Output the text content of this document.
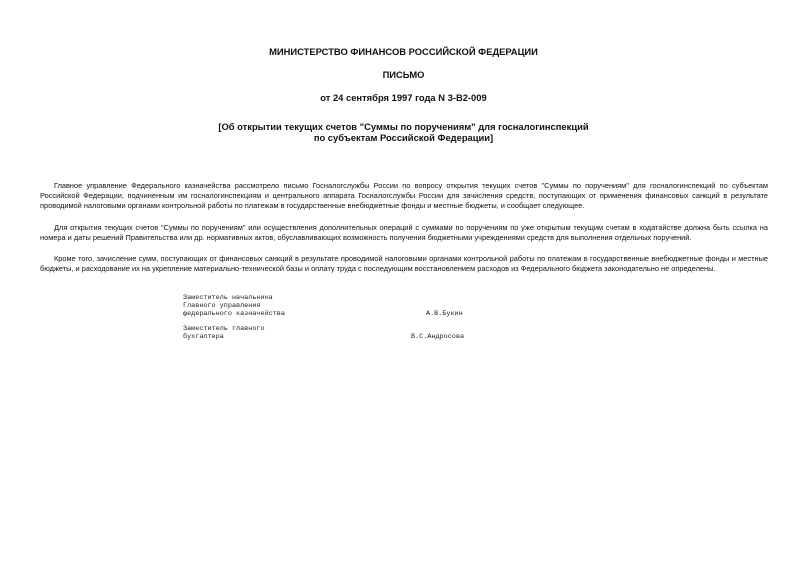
МИНИСТЕРСТВО ФИНАНСОВ РОССИЙСКОЙ ФЕДЕРАЦИИ
ПИСЬМО
от 24 сентября 1997 года N 3-В2-009
[Об открытии текущих счетов "Суммы по поручениям" для госналогинспекций
по субъектам Российской Федерации]

Главное управление Федерального казначейства рассмотрело письмо Госналогслужбы России по вопросу открытия текущих счетов "Суммы по поручениям" для госналогинспекций по субъектам Российской Федерации, подчиненным им госналогинспекциям и центрального аппарата Госналогслужбы России для зачисления средств, поступающих от применения финансовых санкций в результате проводимой налоговыми органами контрольной работы по платежам в государственные внебюджетные фонды и местные бюджеты, и сообщает следующее.

Для открытия текущих счетов "Суммы по поручениям" или осуществления дополнительных операций с суммами по поручениям по уже открытым текущим счетам в ходатайстве должна быть ссылка на номера и даты решений Правительства или др. нормативных актов, обуславливающих возможность получения бюджетными учреждениями средств для выполнения отдельных поручений.

Кроме того, зачисление сумм, поступающих от финансовых санкций в результате проводимой налоговыми органами контрольной работы по платежам в государственные внебюджетные фонды и местные бюджеты, и расходование их на укрепление материально-технической базы и оплату труда с последующим восстановлением расходов из Федерального бюджета законодательно не определены.

Заместитель начальника
Главного управления
федерального казначейства	А.В.Букин
Заместитель главного
бухгалтера	В.С.Андросова
